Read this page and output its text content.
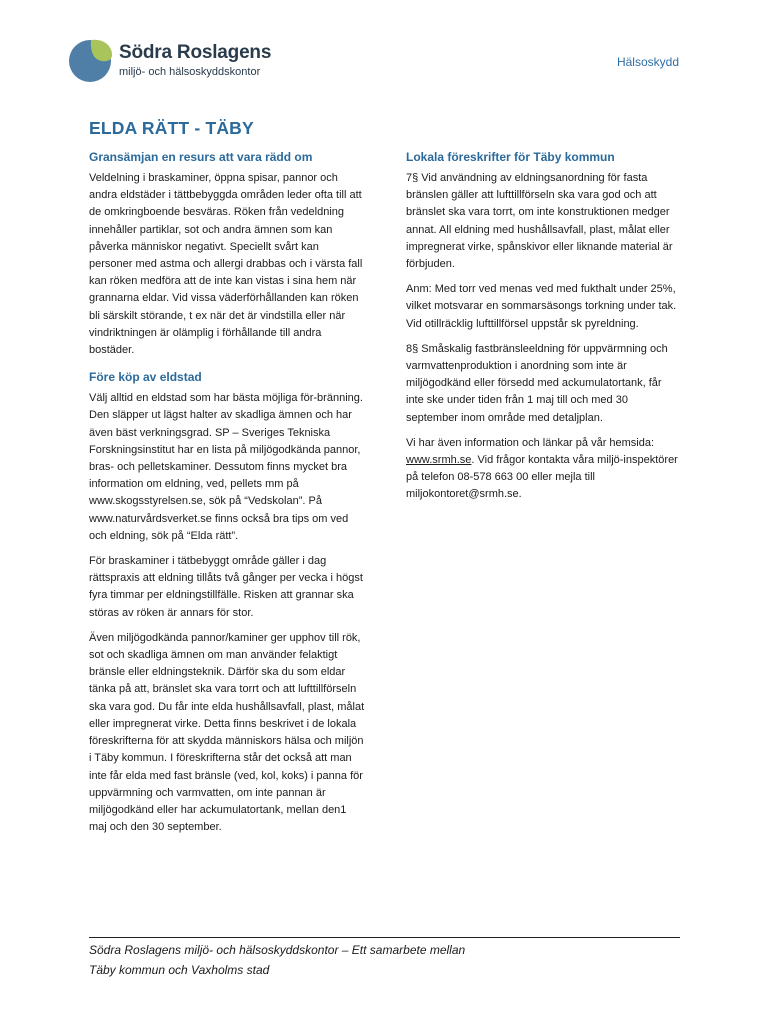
Södra Roslagens
miljö- och hälsoskyddskontor
Hälsoskydd
ELDA RÄTT - TÄBY
Gransämjan en resurs att vara rädd om

Veldelning i braskaminer, öppna spisar, pannor och andra eldstäder i tättbebyggda områden leder ofta till att de omkringboende besväras. Röken från vedeldning innehåller partiklar, sot och andra ämnen som kan påverka människor negativt. Speciellt svårt kan personer med astma och allergi drabbas och i värsta fall kan röken medföra att de inte kan vistas i sina hem när grannarna eldar. Vid vissa väderförhållanden kan röken bli särskilt störande, t ex när det är vindstilla eller när vindriktningen är olämplig i förhållande till andra bostäder.

Före köp av eldstad

Välj alltid en eldstad som har bästa möjliga för-bränning. Den släpper ut lägst halter av skadliga ämnen och har även bäst verkningsgrad. SP – Sveriges Tekniska Forskningsinstitut har en lista på miljögodkända pannor, bras- och pelletskaminer. Dessutom finns mycket bra information om eldning, ved, pellets mm på www.skogsstyrelsen.se, sök på “Vedskolan”. På www.naturvårdsverket.se finns också bra tips om ved och eldning, sök på “Elda rätt”.

För braskaminer i tätbebyggt område gäller i dag rättspraxis att eldning tillåts två gånger per vecka i högst fyra timmar per eldningstillfälle. Risken att grannar ska störas av röken är annars för stor.

Även miljögodkända pannor/kaminer ger upphov till rök, sot och skadliga ämnen om man använder felaktigt bränsle eller eldningsteknik. Därför ska du som eldar tänka på att, bränslet ska vara torrt och att lufttillförseln ska vara god. Du får inte elda hushållsavfall, plast, målat eller impregnerat virke. Detta finns beskrivet i de lokala föreskrifterna för att skydda människors hälsa och miljön i Täby kommun. I föreskrifterna står det också att man inte får elda med fast bränsle (ved, kol, koks) i panna för uppvärmning och varmvatten, om inte pannan är miljögodkänd eller har ackumulatortank, mellan den1 maj och den 30 september.

Lokala föreskrifter för Täby kommun

7§ Vid användning av eldningsanordning för fasta bränslen gäller att lufttillförseln ska vara god och att bränslet ska vara torrt, om inte konstruktionen medger annat. All eldning med hushållsavfall, plast, målat eller impregnerat virke, spånskivor eller liknande material är förbjuden.

Anm: Med torr ved menas ved med fukthalt under 25%, vilket motsvarar en sommarsäsongs torkning under tak. Vid otillräcklig lufttillförsel uppstår sk pyreldning.

8§ Småskalig fastbränsleeldning för uppvärmning och varmvattenproduktion i anordning som inte är miljögodkänd eller försedd med ackumulatortank, får inte ske under tiden från 1 maj till och med 30 september inom område med detaljplan.

Vi har även information och länkar på vår hemsida: www.srmh.se. Vid frågor kontakta våra miljö-inspektörer på telefon 08-578 663 00 eller mejla till miljokontoret@srmh.se.

Södra Roslagens miljö- och hälsoskyddskontor – Ett samarbete mellan
Täby kommun och Vaxholms stad
